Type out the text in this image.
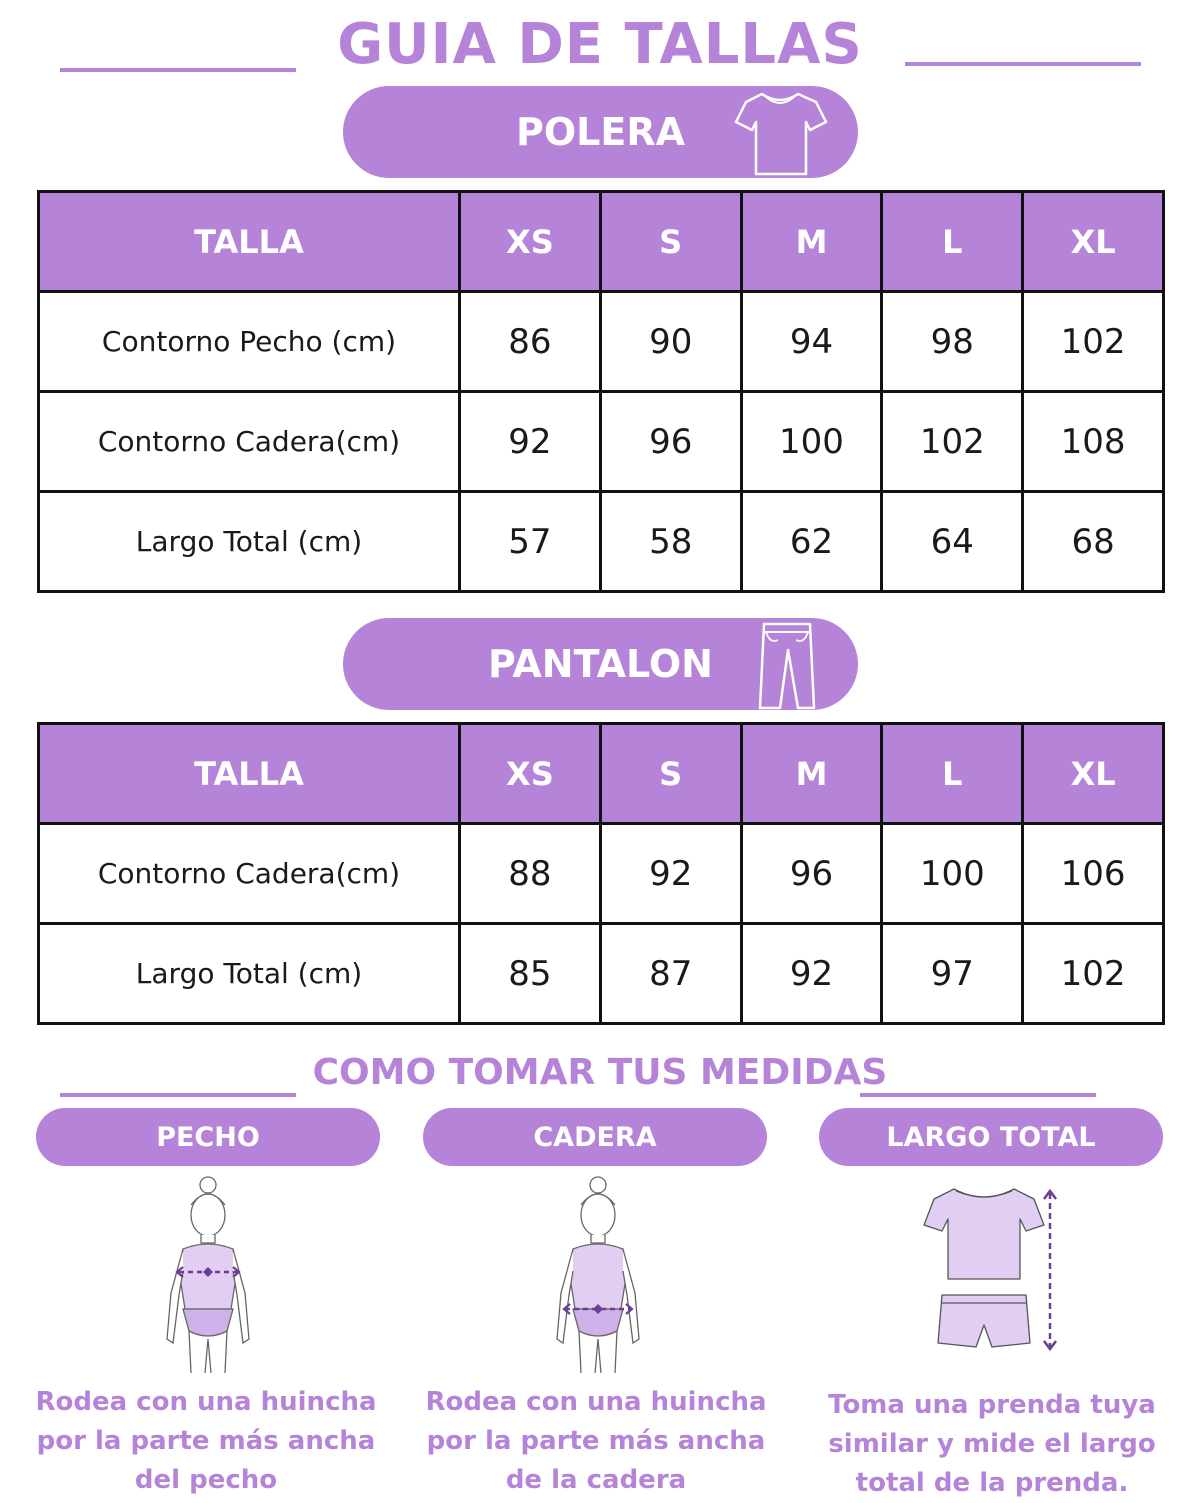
GUIA DE TALLAS
POLERA
TALLA	XS	S	M	L	XL
Contorno Pecho (cm)	86	90	94	98	102
Contorno Cadera(cm)	92	96	100	102	108
Largo Total (cm)	57	58	62	64	68
PANTALON
TALLA	XS	S	M	L	XL
Contorno Cadera(cm)	88	92	96	100	106
Largo Total (cm)	85	87	92	97	102
COMO TOMAR TUS MEDIDAS
PECHO	CADERA	LARGO TOTAL
Rodea con una huincha
por la parte más ancha
del pecho
Rodea con una huincha
por la parte más ancha
de la cadera
Toma una prenda tuya
similar y mide el largo
total de la prenda.
